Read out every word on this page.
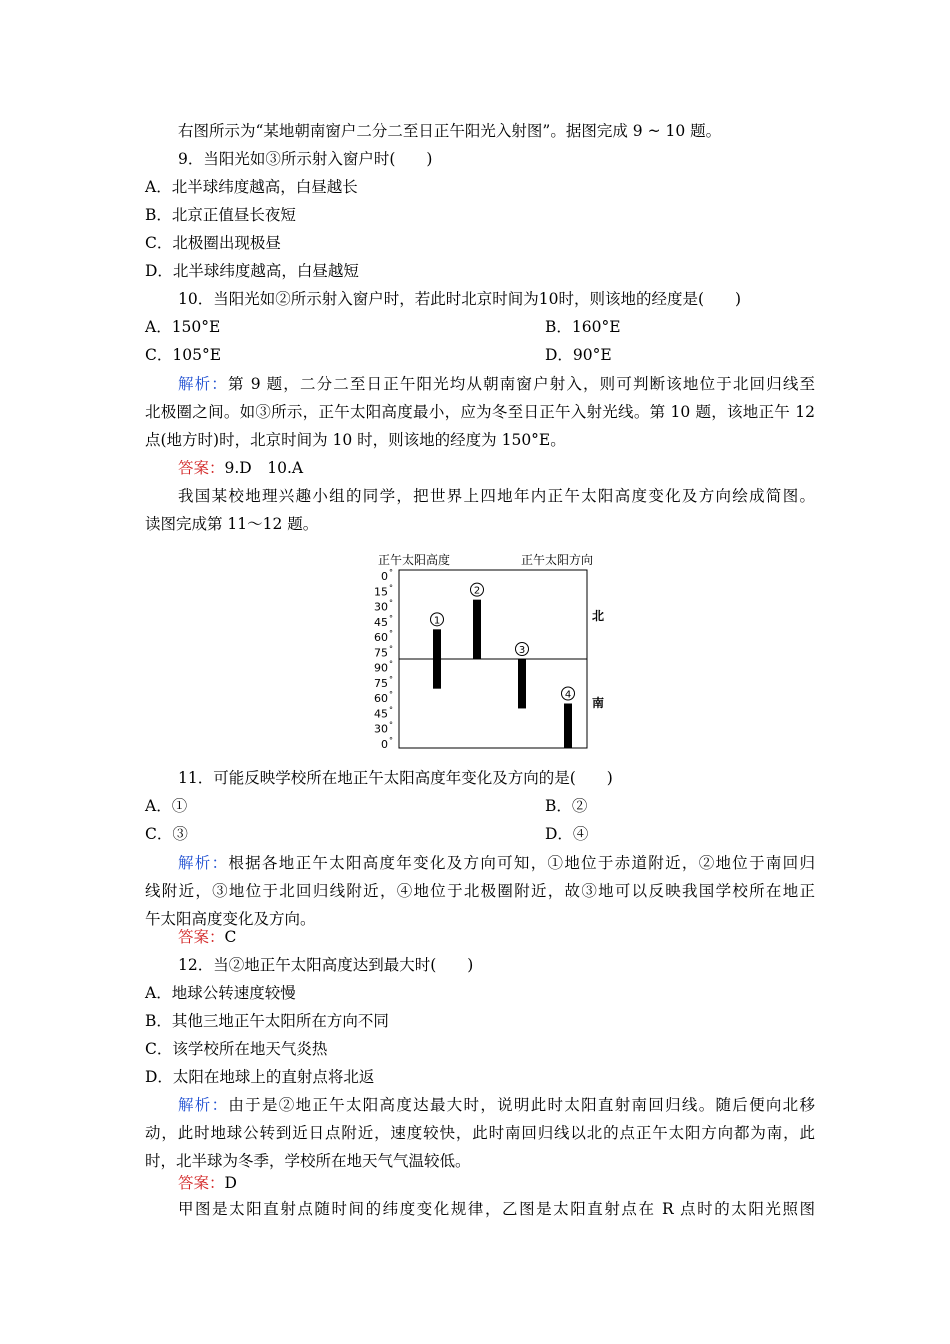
右图所示为“某地朝南窗户二分二至日正午阳光入射图”。据图完成 9 ~ 10 题。
9．当阳光如③所示射入窗户时(　　)
A．北半球纬度越高，白昼越长
B．北京正值昼长夜短
C．北极圈出现极昼
D．北半球纬度越高，白昼越短
10．当阳光如②所示射入窗户时，若此时北京时间为10时，则该地的经度是(　　)
A．150°E	B．160°E
C．105°E	D．90°E
解析：第 9 题，二分二至日正午阳光均从朝南窗户射入，则可判断该地位于北回归线至
北极圈之间。如③所示，正午太阳高度最小，应为冬至日正午入射光线。第 10 题，该地正午 12
点(地方时)时，北京时间为 10 时，则该地的经度为 150°E。
答案：9.D　10.A
我国某校地理兴趣小组的同学，把世界上四地年内正午太阳高度变化及方向绘成简图。
读图完成第 11～12 题。
正午太阳高度	正午太阳方向
0 °
15 °
30 °
45 °
60 °
75 °
90 °
75 °
60 °
45 °
30 °
0 °
1
2
3
4
北
南
11．可能反映学校所在地正午太阳高度年变化及方向的是(　　)
A．①	B．②
C．③	D．④
解析：根据各地正午太阳高度年变化及方向可知，①地位于赤道附近，②地位于南回归
线附近，③地位于北回归线附近，④地位于北极圈附近，故③地可以反映我国学校所在地正
午太阳高度变化及方向。
答案：C
12．当②地正午太阳高度达到最大时(　　)
A．地球公转速度较慢
B．其他三地正午太阳所在方向不同
C．该学校所在地天气炎热
D．太阳在地球上的直射点将北返
解析：由于是②地正午太阳高度达最大时，说明此时太阳直射南回归线。随后便向北移
动，此时地球公转到近日点附近，速度较快，此时南回归线以北的点正午太阳方向都为南，此
时，北半球为冬季，学校所在地天气气温较低。
答案：D
甲图是太阳直射点随时间的纬度变化规律，乙图是太阳直射点在 R 点时的太阳光照图
